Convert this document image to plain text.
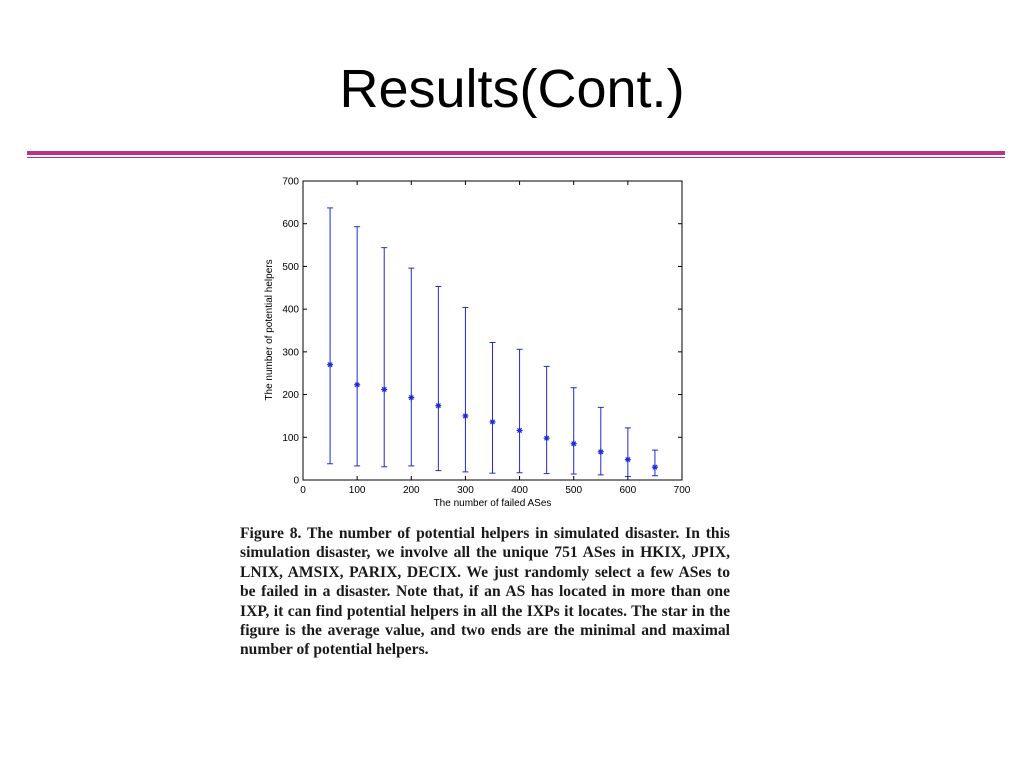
Results(Cont.)
0	100	200	300	400	500	600	700
0
100
200
300
400
500
600
700
The number of failed ASes
The number of potential helpers
Figure 8. The number of potential helpers in simulated disaster. In this simulation disaster, we involve all the unique 751 ASes in HKIX, JPIX, LNIX, AMSIX, PARIX, DECIX. We just randomly select a few ASes to be failed in a disaster. Note that, if an AS has located in more than one IXP, it can find potential helpers in all the IXPs it locates. The star in the figure is the average value, and two ends are the minimal and maximal number of potential helpers.
